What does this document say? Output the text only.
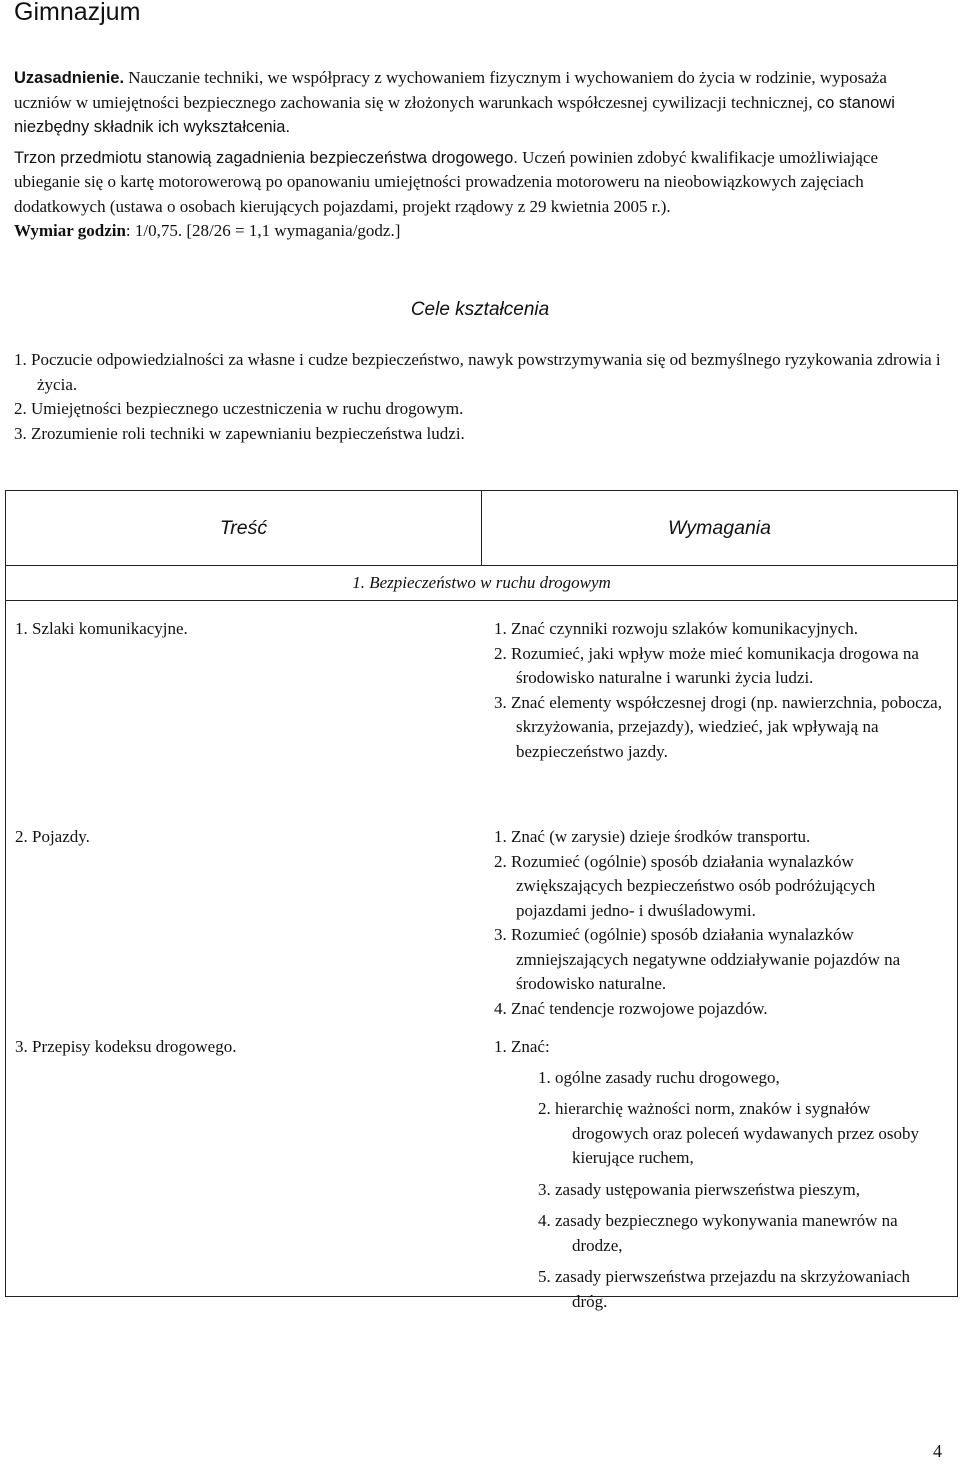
Gimnazjum

Uzasadnienie. Nauczanie techniki, we współpracy z wychowaniem fizycznym i wychowaniem do życia w rodzinie, wyposaża uczniów w umiejętności bezpiecznego zachowania się w złożonych warunkach współczesnej cywilizacji technicznej, co stanowi niezbędny składnik ich wykształcenia.

Trzon przedmiotu stanowią zagadnienia bezpieczeństwa drogowego. Uczeń powinien zdobyć kwalifikacje umożliwiające ubieganie się o kartę motorowerową po opanowaniu umiejętności prowadzenia motoroweru na nieobowiązkowych zajęciach dodatkowych (ustawa o osobach kierujących pojazdami, projekt rządowy z 29 kwietnia 2005 r.).

Wymiar godzin: 1/0,75. [28/26 = 1,1 wymagania/godz.]

Cele kształcenia
1. Poczucie odpowiedzialności za własne i cudze bezpieczeństwo, nawyk powstrzymywania się od bezmyślnego ryzykowania zdrowia i życia.
2. Umiejętności bezpiecznego uczestniczenia w ruchu drogowym.
3. Zrozumienie roli techniki w zapewnianiu bezpieczeństwa ludzi.
Treść	Wymagania
1. Bezpieczeństwo w ruchu drogowym
1. Szlaki komunikacyjne.	1. Znać czynniki rozwoju szlaków komunikacyjnych.
2. Rozumieć, jaki wpływ może mieć komunikacja drogowa na środowisko naturalne i warunki życia ludzi.
3. Znać elementy współczesnej drogi (np. nawierzchnia, pobocza, skrzyżowania, przejazdy), wiedzieć, jak wpływają na bezpieczeństwo jazdy.
2. Pojazdy.	1. Znać (w zarysie) dzieje środków transportu.
2. Rozumieć (ogólnie) sposób działania wynalazków zwiększających bezpieczeństwo osób podróżujących pojazdami jedno- i dwuśladowymi.
3. Rozumieć (ogólnie) sposób działania wynalazków zmniejszających negatywne oddziaływanie pojazdów na środowisko naturalne.
4. Znać tendencje rozwojowe pojazdów.
3. Przepisy kodeksu drogowego.	1. Znać:
1. ogólne zasady ruchu drogowego,
2. hierarchię ważności norm, znaków i sygnałów drogowych oraz poleceń wydawanych przez osoby kierujące ruchem,
3. zasady ustępowania pierwszeństwa pieszym,
4. zasady bezpiecznego wykonywania manewrów na drodze,
5. zasady pierwszeństwa przejazdu na skrzyżowaniach dróg.
4
